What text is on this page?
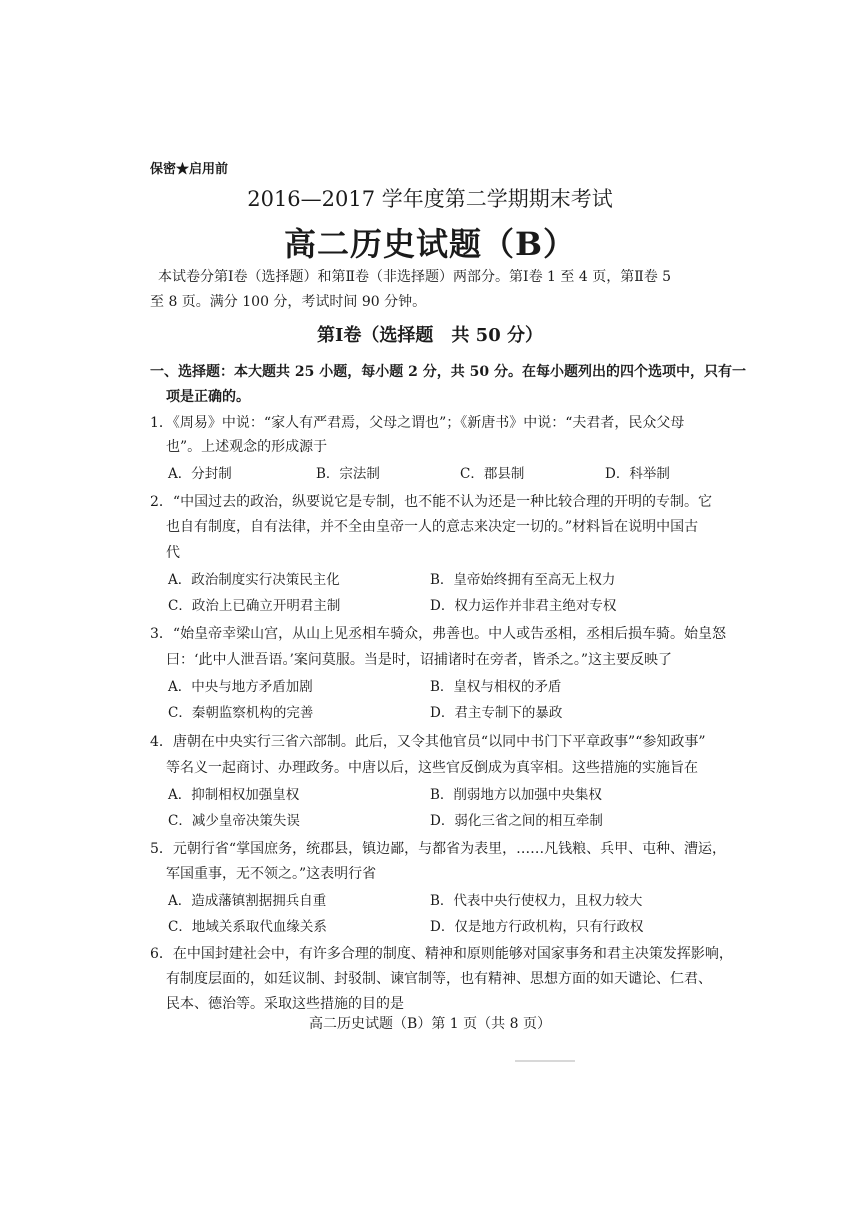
保密★启用前
2016—2017 学年度第二学期期末考试
高二历史试题（B）
本试卷分第Ⅰ卷（选择题）和第Ⅱ卷（非选择题）两部分。第Ⅰ卷 1 至 4 页，第Ⅱ卷 5
至 8 页。满分 100 分，考试时间 90 分钟。
第Ⅰ卷（选择题　共 50 分）
一、选择题：本大题共 25 小题，每小题 2 分，共 50 分。在每小题列出的四个选项中，只有一
项是正确的。
1．《周易》中说：“家人有严君焉，父母之谓也”；《新唐书》中说：“夫君者，民众父母
也”。上述观念的形成源于
A．分封制	B．宗法制	C．郡县制	D．科举制
2．“中国过去的政治，纵要说它是专制，也不能不认为还是一种比较合理的开明的专制。它
也自有制度，自有法律，并不全由皇帝一人的意志来决定一切的。”材料旨在说明中国古
代
A．政治制度实行决策民主化	B．皇帝始终拥有至高无上权力
C．政治上已确立开明君主制	D．权力运作并非君主绝对专权
3．“始皇帝幸梁山宫，从山上见丞相车骑众，弗善也。中人或告丞相，丞相后损车骑。始皇怒
曰：‘此中人泄吾语。’案问莫服。当是时，诏捕诸时在旁者，皆杀之。”这主要反映了
A．中央与地方矛盾加剧	B．皇权与相权的矛盾
C．秦朝监察机构的完善	D．君主专制下的暴政
4．唐朝在中央实行三省六部制。此后，又令其他官员“以同中书门下平章政事”“参知政事”
等名义一起商讨、办理政务。中唐以后，这些官反倒成为真宰相。这些措施的实施旨在
A．抑制相权加强皇权	B．削弱地方以加强中央集权
C．减少皇帝决策失误	D．弱化三省之间的相互牵制
5．元朝行省“掌国庶务，统郡县，镇边鄙，与都省为表里，……凡钱粮、兵甲、屯种、漕运，
军国重事，无不领之。”这表明行省
A．造成藩镇割据拥兵自重	B．代表中央行使权力，且权力较大
C．地域关系取代血缘关系	D．仅是地方行政机构，只有行政权
6．在中国封建社会中，有许多合理的制度、精神和原则能够对国家事务和君主决策发挥影响，
有制度层面的，如廷议制、封驳制、谏官制等，也有精神、思想方面的如天谴论、仁君、
民本、德治等。采取这些措施的目的是
高二历史试题（B）第 1 页（共 8 页）
